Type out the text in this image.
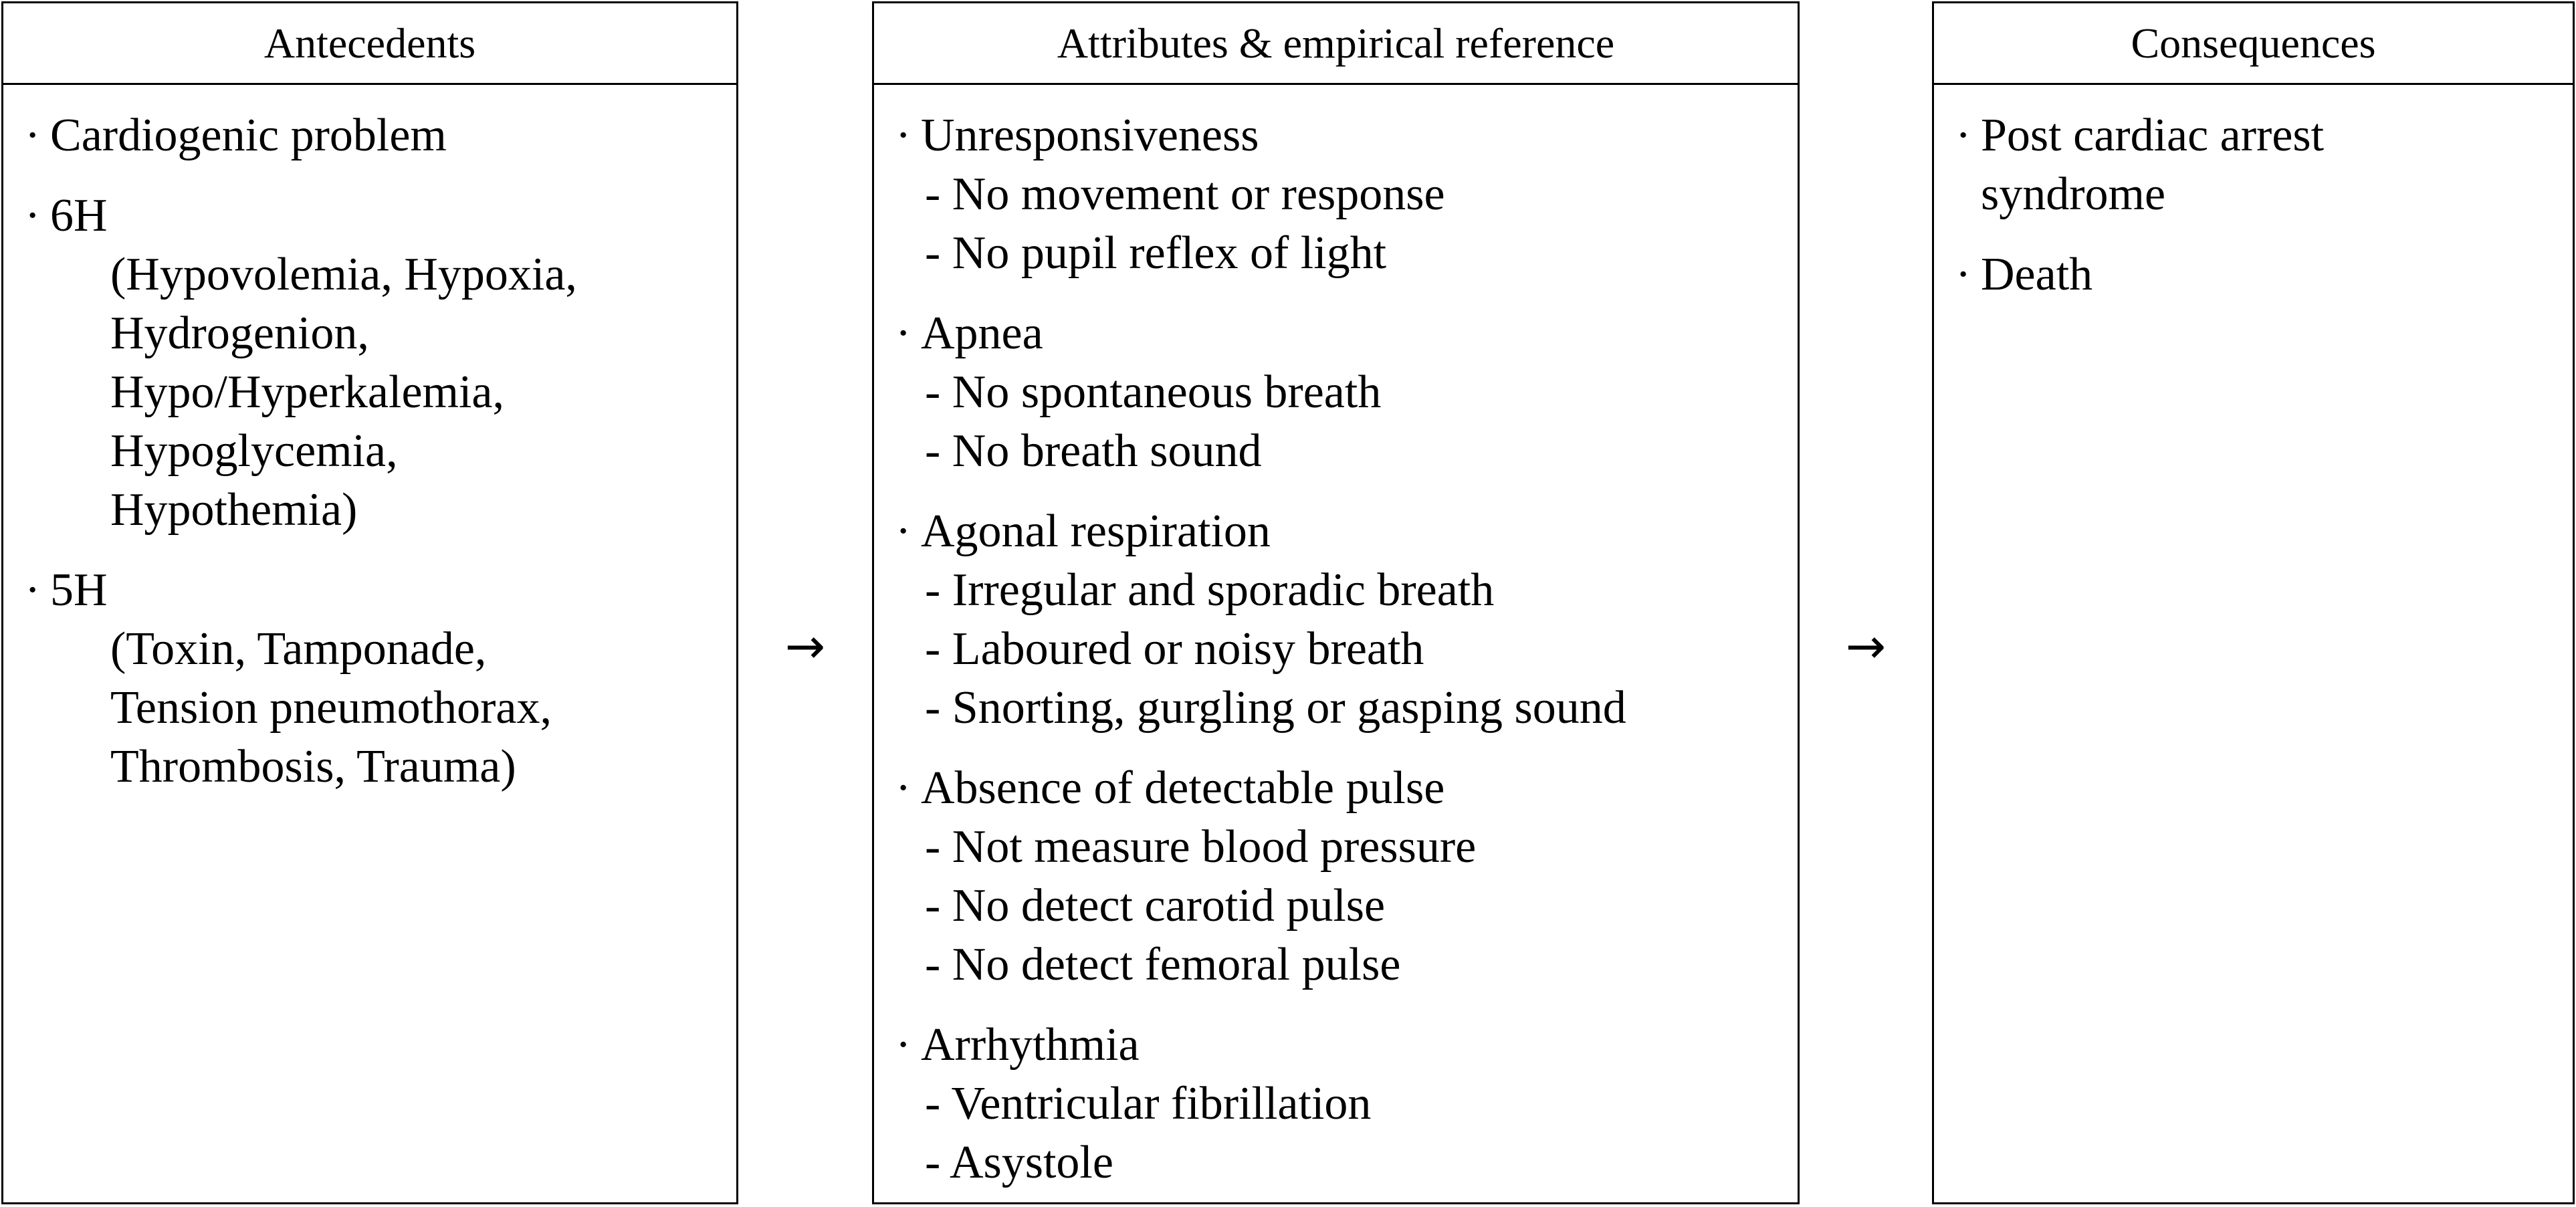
Antecedents
· Cardiogenic problem
· 6H
(Hypovolemia, Hypoxia,
Hydrogenion,
Hypo/Hyperkalemia,
Hypoglycemia,
Hypothemia)
· 5H
(Toxin, Tamponade,
Tension pneumothorax,
Thrombosis, Trauma)
→
Attributes & empirical reference
· Unresponsiveness
- No movement or response
- No pupil reflex of light
· Apnea
- No spontaneous breath
- No breath sound
· Agonal respiration
- Irregular and sporadic breath
- Laboured or noisy breath
- Snorting, gurgling or gasping sound
· Absence of detectable pulse
- Not measure blood pressure
- No detect carotid pulse
- No detect femoral pulse
· Arrhythmia
- Ventricular fibrillation
- Asystole
→
Consequences
· Post cardiac arrest
syndrome
· Death
